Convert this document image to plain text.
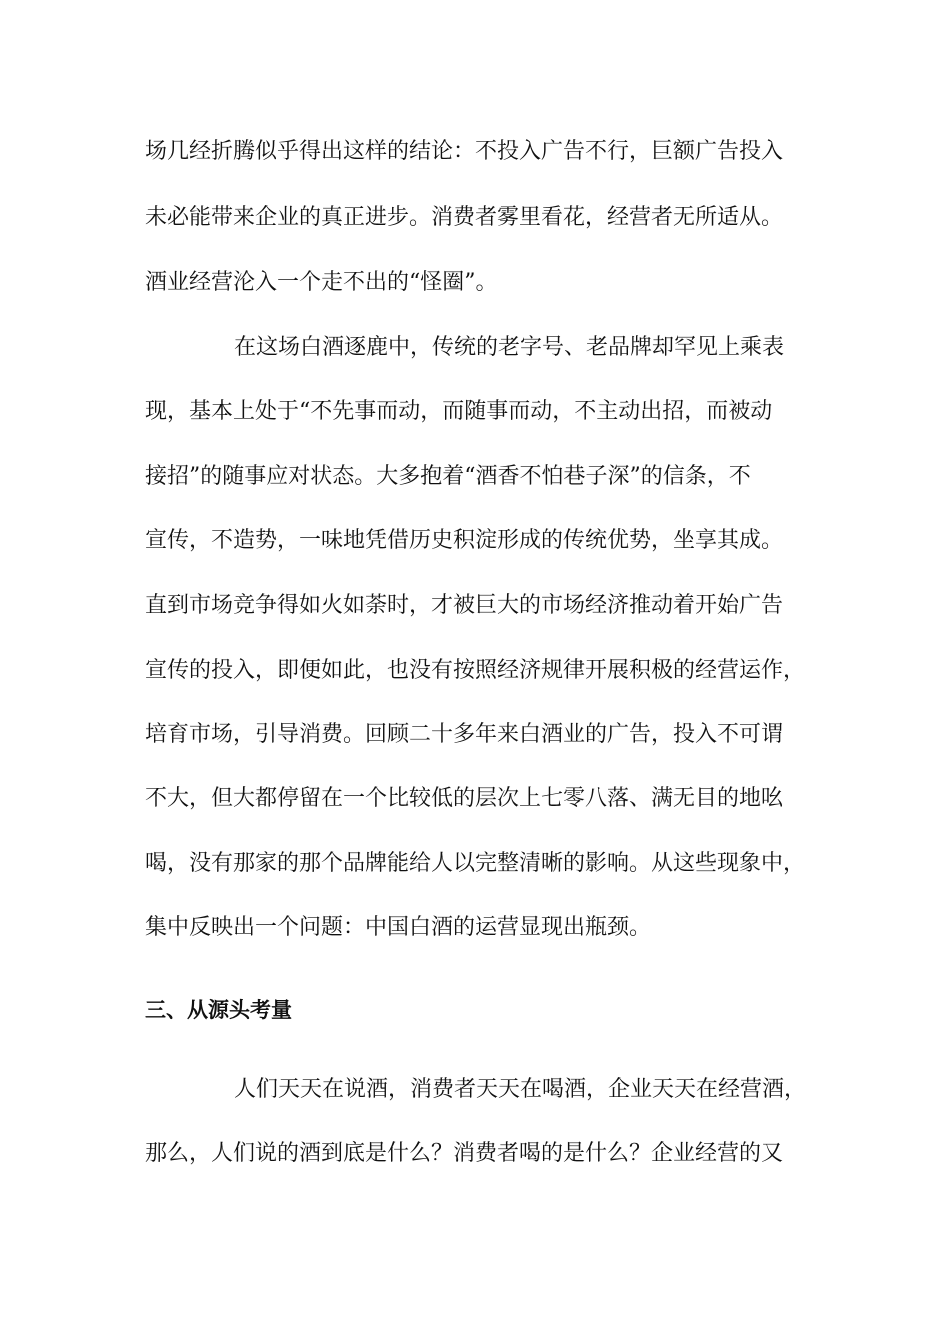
场几经折腾似乎得出这样的结论：不投入广告不行，巨额广告投入
未必能带来企业的真正进步。消费者雾里看花，经营者无所适从。
酒业经营沦入一个走不出的“怪圈”。
在这场白酒逐鹿中，传统的老字号、老品牌却罕见上乘表
现，基本上处于“不先事而动，而随事而动，不主动出招，而被动
接招”的随事应对状态。大多抱着“酒香不怕巷子深”的信条，不
宣传，不造势，一味地凭借历史积淀形成的传统优势，坐享其成。
直到市场竞争得如火如荼时，才被巨大的市场经济推动着开始广告
宣传的投入，即便如此，也没有按照经济规律开展积极的经营运作，
培育市场，引导消费。回顾二十多年来白酒业的广告，投入不可谓
不大，但大都停留在一个比较低的层次上七零八落、满无目的地吆
喝，没有那家的那个品牌能给人以完整清晰的影响。从这些现象中，
集中反映出一个问题：中国白酒的运营显现出瓶颈。
三、从源头考量
人们天天在说酒，消费者天天在喝酒，企业天天在经营酒，
那么，人们说的酒到底是什么？消费者喝的是什么？企业经营的又
